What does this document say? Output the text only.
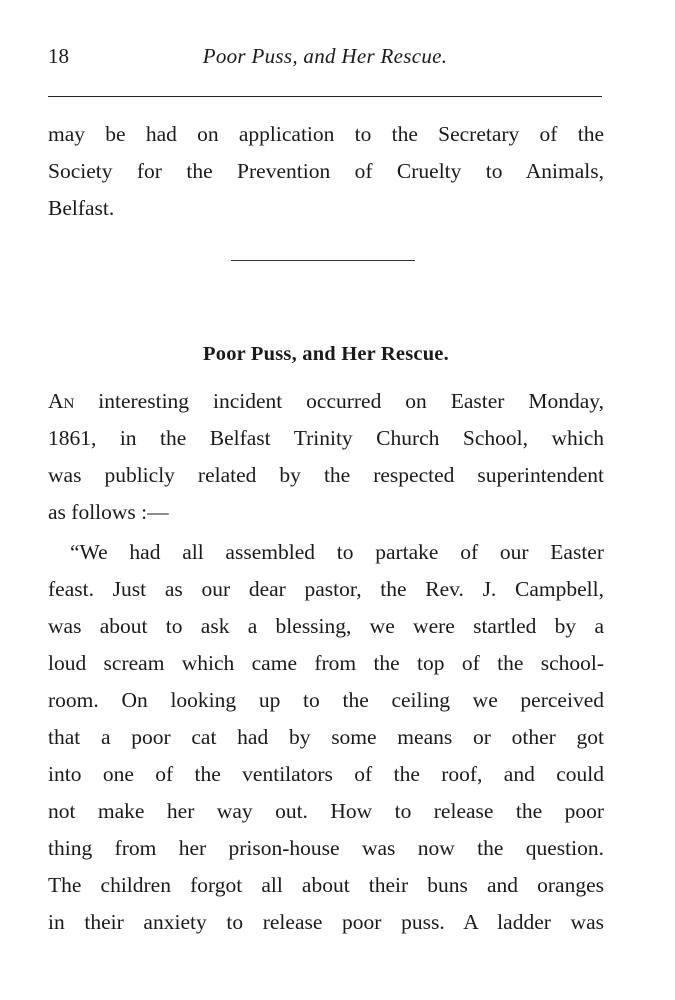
18	Poor Puss, and Her Rescue.
may be had on application to the Secretary of the
Society for the Prevention of Cruelty to Animals,
Belfast.
Poor Puss, and Her Rescue.
An interesting incident occurred on Easter Monday,
1861, in the Belfast Trinity Church School, which
was publicly related by the respected superintendent
as follows :—
“We had all assembled to partake of our Easter
feast. Just as our dear pastor, the Rev. J. Campbell,
was about to ask a blessing, we were startled by a
loud scream which came from the top of the school-
room. On looking up to the ceiling we perceived
that a poor cat had by some means or other got
into one of the ventilators of the roof, and could
not make her way out. How to release the poor
thing from her prison-house was now the question.
The children forgot all about their buns and oranges
in their anxiety to release poor puss. A ladder was
